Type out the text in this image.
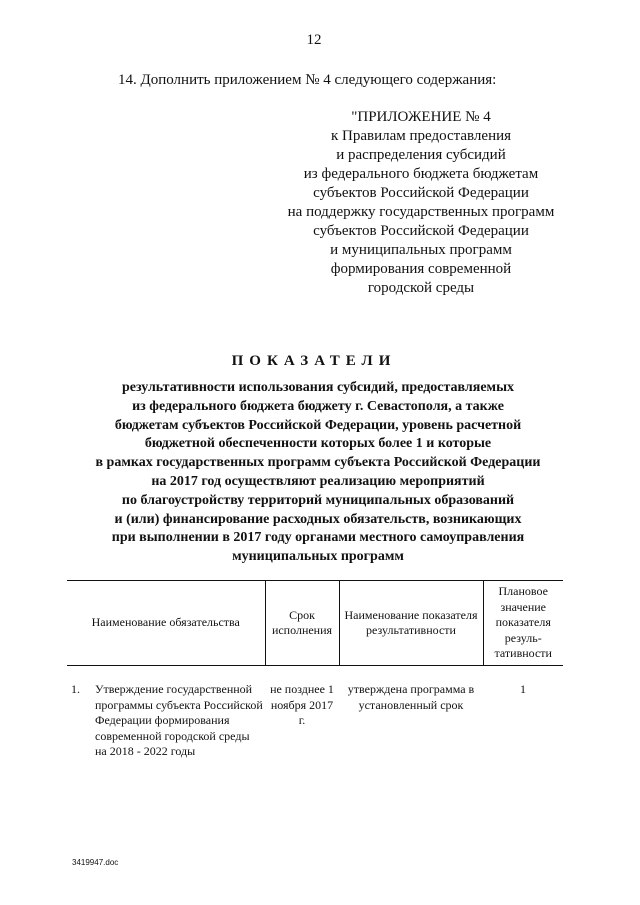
12
14. Дополнить приложением № 4 следующего содержания:
"ПРИЛОЖЕНИЕ № 4
к Правилам предоставления
и распределения субсидий
из федерального бюджета бюджетам
субъектов Российской Федерации
на поддержку государственных программ
субъектов Российской Федерации
и муниципальных программ
формирования современной
городской среды
ПОКАЗАТЕЛИ
результативности использования субсидий, предоставляемых
из федерального бюджета бюджету г. Севастополя, а также
бюджетам субъектов Российской Федерации, уровень расчетной
бюджетной обеспеченности которых более 1 и которые
в рамках государственных программ субъекта Российской Федерации
на 2017 год осуществляют реализацию мероприятий
по благоустройству территорий муниципальных образований
и (или) финансирование расходных обязательств, возникающих
при выполнении в 2017 году органами местного самоуправления
муниципальных программ
Наименование обязательства		Срок исполнения	Наименование показателя результативности	Плановое значение показателя резуль- тативности
1.	Утверждение государственной программы субъекта Российской Федерации формирования современной городской среды на 2018 - 2022 годы	не позднее 1 ноября 2017 г.	утверждена программа в установленный срок	1
3419947.doc
